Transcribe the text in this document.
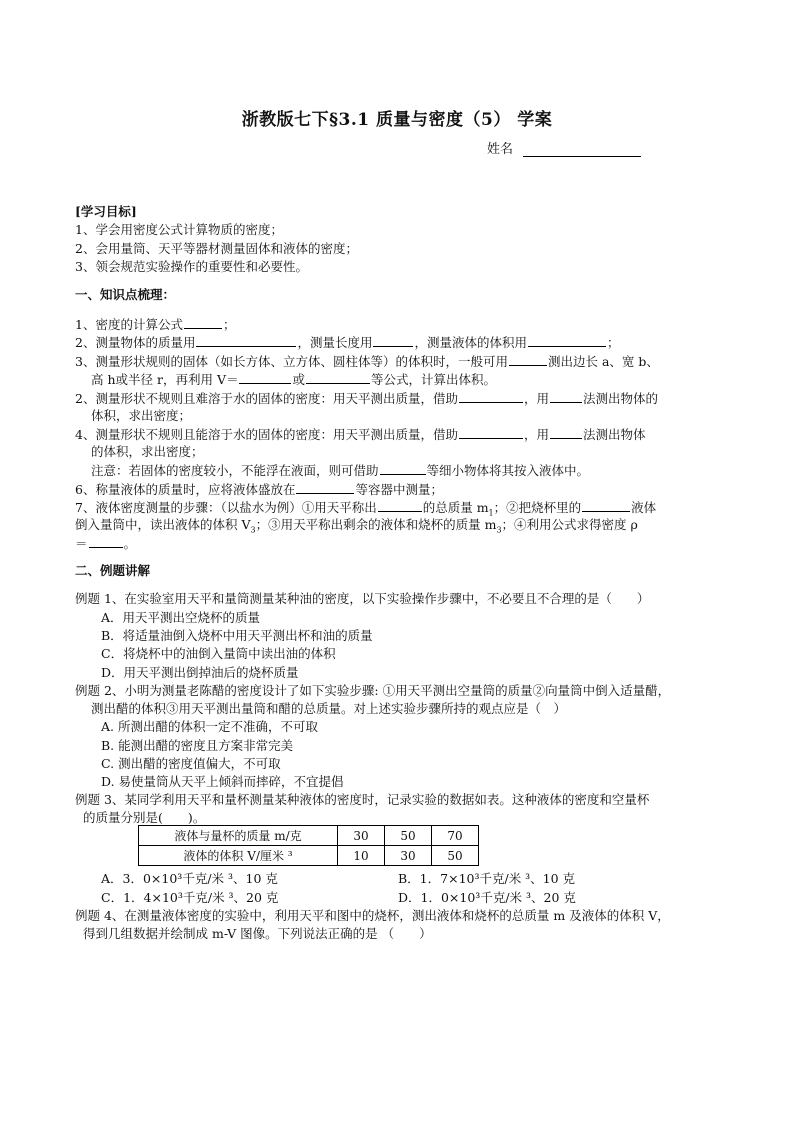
浙教版七下§3.1 质量与密度（5） 学案
姓名
[学习目标]
1、学会用密度公式计算物质的密度；
2、会用量筒、天平等器材测量固体和液体的密度；
3、领会规范实验操作的重要性和必要性。
一、知识点梳理：
1、密度的计算公式	；
2、测量物体的质量用	，测量长度用	，测量液体的体积用	；
3、测量形状规则的固体（如长方体、立方体、圆柱体等）的体积时，一般可用	测出边长 a、宽 b、
高 h或半径 r，再利用 V＝	或	等公式，计算出体积。
2、测量形状不规则且难溶于水的固体的密度：用天平测出质量，借助	，用	法测出物体的
体积，求出密度；
4、测量形状不规则且能溶于水的固体的密度：用天平测出质量，借助	，用	法测出物体
的体积，求出密度；
注意：若固体的密度较小，不能浮在液面，则可借助	等细小物体将其按入液体中。
6、称量液体的质量时，应将液体盛放在	等容器中测量；
7、液体密度测量的步骤：（以盐水为例）①用天平称出	的总质量 $m_1$；②把烧杯里的	液体
倒入量筒中，读出液体的体积 $V_3$；③用天平称出剩余的液体和烧杯的质量 $m_3$；④利用公式求得密度 ρ
＝	。
二、例题讲解
例题 1、在实验室用天平和量筒测量某种油的密度，以下实验操作步骤中，不必要且不合理的是（　　）
A．用天平测出空烧杯的质量
B．将适量油倒入烧杯中用天平测出杯和油的质量
C．将烧杯中的油倒入量筒中读出油的体积
D．用天平测出倒掉油后的烧杯质量
例题 2、小明为测量老陈醋的密度设计了如下实验步骤: ①用天平测出空量筒的质量②向量筒中倒入适量醋，
测出醋的体积③用天平测出量筒和醋的总质量。对上述实验步骤所持的观点应是（　）
A. 所测出醋的体积一定不准确，不可取
B. 能测出醋的密度且方案非常完美
C. 测出醋的密度值偏大，不可取
D. 易使量筒从天平上倾斜而摔碎，不宜提倡
例题 3、某同学利用天平和量杯测量某种液体的密度时，记录实验的数据如表。这种液体的密度和空量杯
的质量分别是(　　)。
液体与量杯的质量 m/克	30	50	70
液体的体积 V/厘米 ³	10	30	50
A．3．0×10³千克/米 ³、10 克	B．1．7×10³千克/米 ³、10 克
C．1．4×10³千克/米 ³、20 克	D．1．0×10³千克/米 ³、20 克
例题 4、在测量液体密度的实验中，利用天平和图中的烧杯，测出液体和烧杯的总质量 m 及液体的体积 V，
得到几组数据并绘制成 m-V 图像。下列说法正确的是 （　　）
